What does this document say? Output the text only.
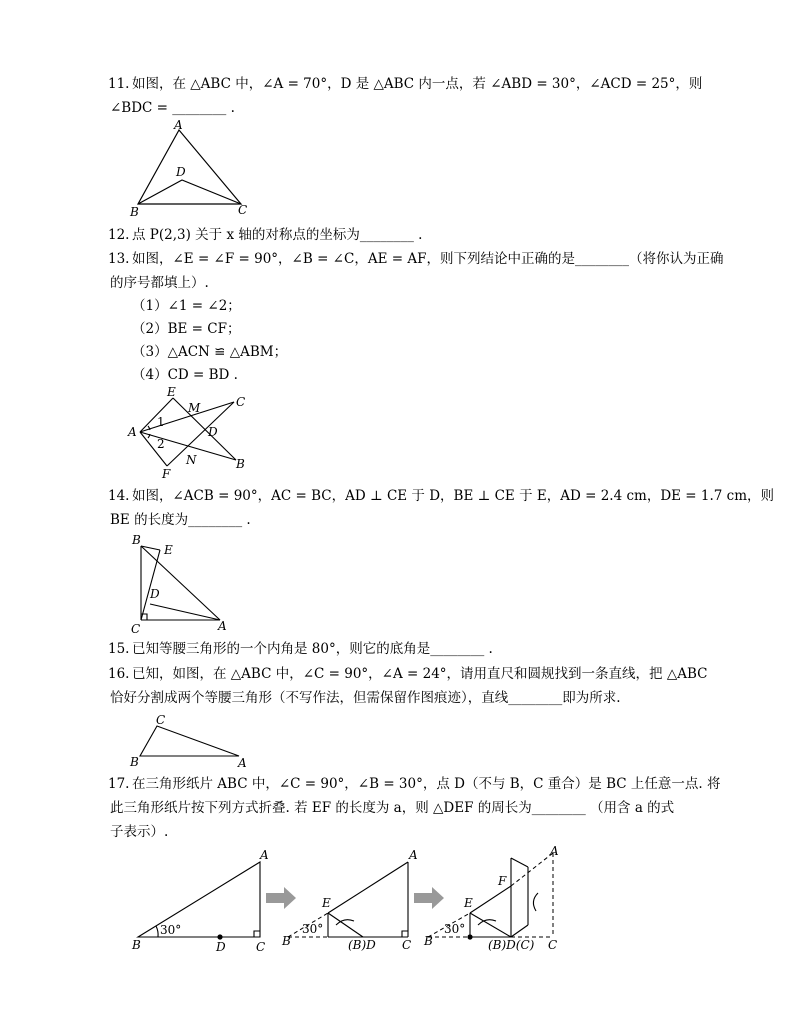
11. 如图，在 △ABC 中，∠A = 70°，D 是 △ABC 内一点，若 ∠ABD = 30°，∠ACD = 25°，则
∠BDC = ________ .
A
B	C
D
12. 点 P(2,3) 关于 x 轴的对称点的坐标为________ .
13. 如图，∠E = ∠F = 90°，∠B = ∠C，AE = AF，则下列结论中正确的是________（将你认为正确
的序号都填上）.
（1）∠1 = ∠2；
（2）BE = CF；
（3）△ACN ≌ △ABM；
（4）CD = BD .
A
E
M	C
D
N
F
B
1
2
14. 如图，∠ACB = 90°，AC = BC，AD ⊥ CE 于 D，BE ⊥ CE 于 E，AD = 2.4 cm，DE = 1.7 cm，则
BE 的长度为________ .
B
E
D
C	A
15. 已知等腰三角形的一个内角是 80°，则它的底角是________ .
16. 已知，如图，在 △ABC 中，∠C = 90°，∠A = 24°，请用直尺和圆规找到一条直线，把 △ABC
恰好分割成两个等腰三角形（不写作法，但需保留作图痕迹），直线________即为所求.
C
B	A
17. 在三角形纸片 ABC 中，∠C = 90°，∠B = 30°，点 D（不与 B，C 重合）是 BC 上任意一点. 将
此三角形纸片按下列方式折叠. 若 EF 的长度为 a，则 △DEF 的周长为________ （用含 a 的式
子表示）.
A
B	D	C
30°
A
E
B
30°
(B)D C
A
F
E
B
30°
(B)D(C) C
